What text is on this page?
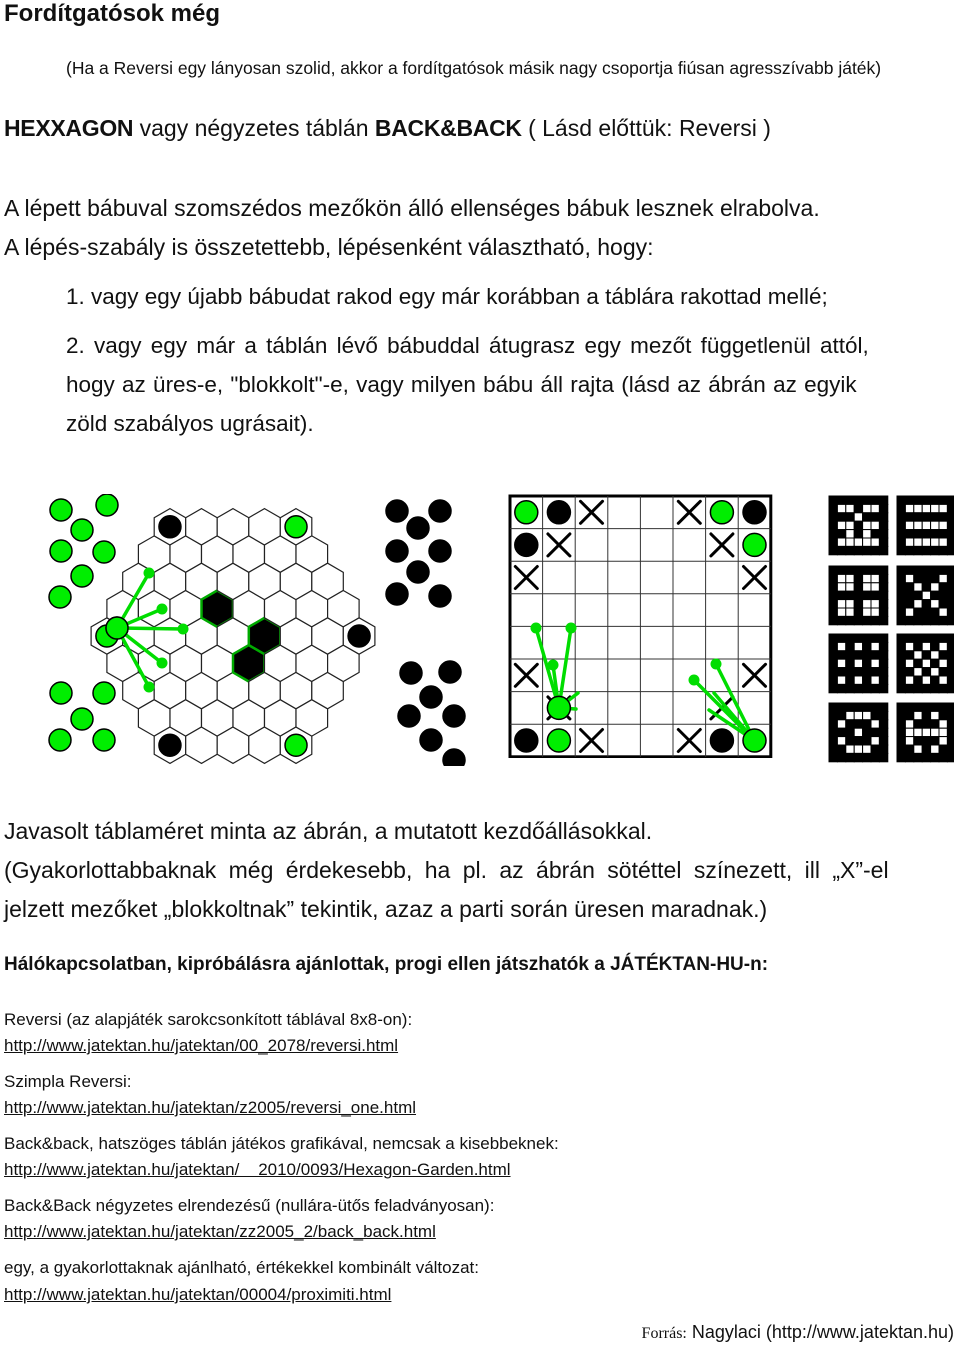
Fordítgatósok még
(Ha a Reversi egy lányosan szolid, akkor a fordítgatósok másik nagy csoportja fiúsan agresszívabb játék)
HEXXAGON vagy négyzetes táblán BACK&BACK ( Lásd előttük: Reversi )
A lépett bábuval szomszédos mezőkön álló ellenséges bábuk lesznek elrabolva.
A lépés-szabály is összetettebb, lépésenként választható, hogy:
1. vagy egy újabb bábudat rakod egy már korábban a táblára rakottad mellé;
2. vagy egy már a táblán lévő bábuddal átugrasz egy mezőt függetlenül attól,
hogy az üres-e, "blokkolt"-e, vagy milyen bábu áll rajta (lásd az ábrán az egyik
zöld szabályos ugrásait).
Javasolt táblaméret minta az ábrán, a mutatott kezdőállásokkal.
(Gyakorlottabbaknak még érdekesebb, ha pl. az ábrán sötéttel színezett, ill „X”-el
jelzett mezőket „blokkoltnak” tekintik, azaz a parti során üresen maradnak.)
Hálókapcsolatban, kipróbálásra ajánlottak, progi ellen játszhatók a JÁTÉKTAN-HU-n:
Reversi (az alapjáték sarokcsonkított táblával 8x8-on):
http://www.jatektan.hu/jatektan/00_2078/reversi.html
Szimpla Reversi:
http://www.jatektan.hu/jatektan/z2005/reversi_one.html
Back&back, hatszöges táblán játékos grafikával, nemcsak a kisebbeknek:
http://www.jatektan.hu/jatektan/    2010/0093/Hexagon-Garden.html
Back&Back négyzetes elrendezésű (nullára-ütős feladványosan):
http://www.jatektan.hu/jatektan/zz2005_2/back_back.html
egy, a gyakorlottaknak ajánlható, értékekkel kombinált változat:
http://www.jatektan.hu/jatektan/00004/proximiti.html
Forrás: Nagylaci (http://www.jatektan.hu)
